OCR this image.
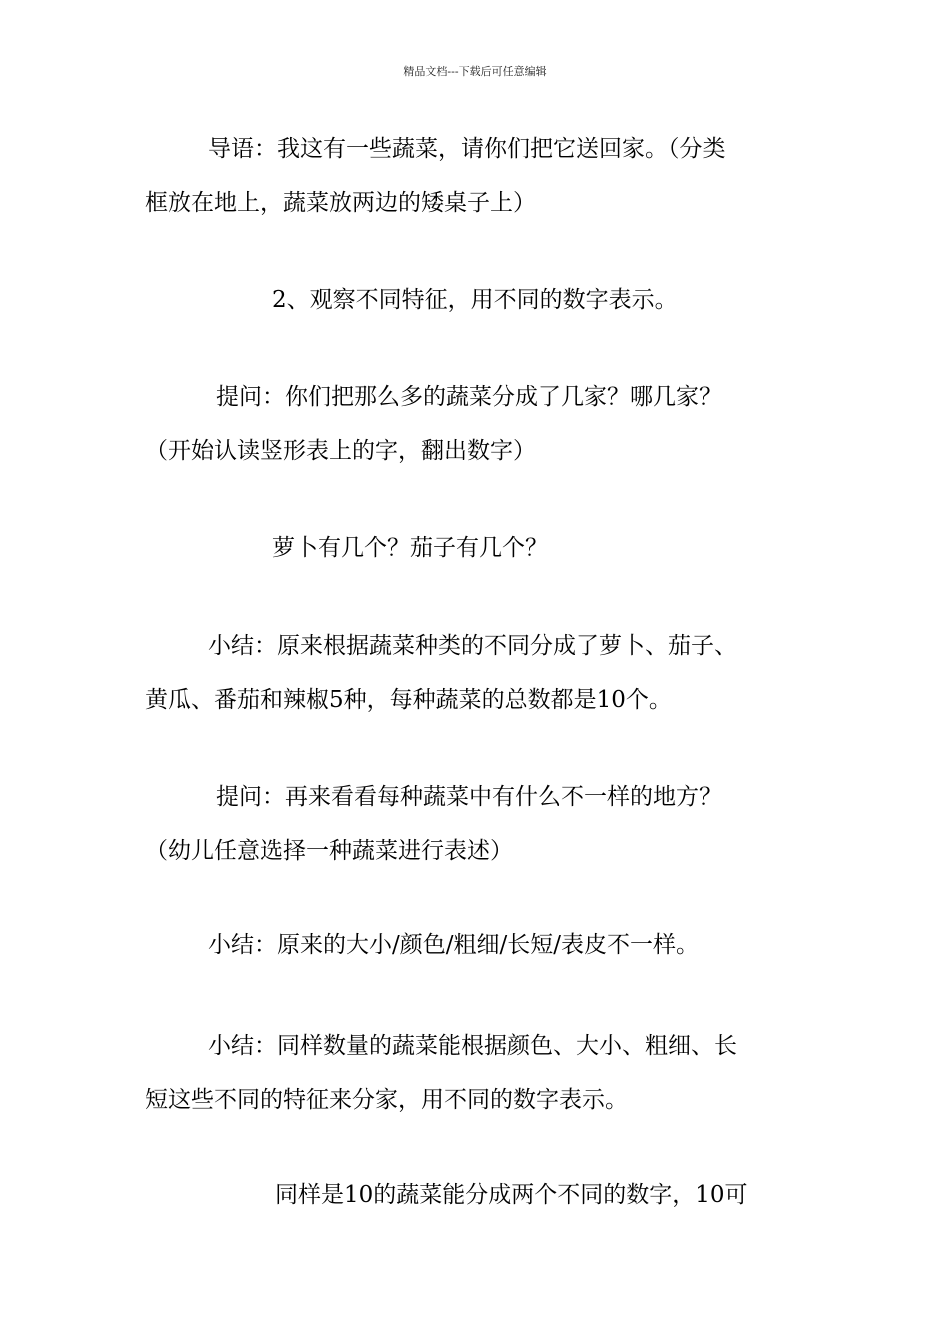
精品文档---下载后可任意编辑
导语：我这有一些蔬菜，请你们把它送回家。（分类
框放在地上，蔬菜放两边的矮桌子上）
2、观察不同特征，用不同的数字表示。
提问：你们把那么多的蔬菜分成了几家？哪几家？
（开始认读竖形表上的字，翻出数字）
萝卜有几个？茄子有几个？
小结：原来根据蔬菜种类的不同分成了萝卜、茄子、
黄瓜、番茄和辣椒5种，每种蔬菜的总数都是10个。
提问：再来看看每种蔬菜中有什么不一样的地方？
（幼儿任意选择一种蔬菜进行表述）
小结：原来的大小/颜色/粗细/长短/表皮不一样。
小结：同样数量的蔬菜能根据颜色、大小、粗细、长
短这些不同的特征来分家，用不同的数字表示。
同样是10的蔬菜能分成两个不同的数字，10可
